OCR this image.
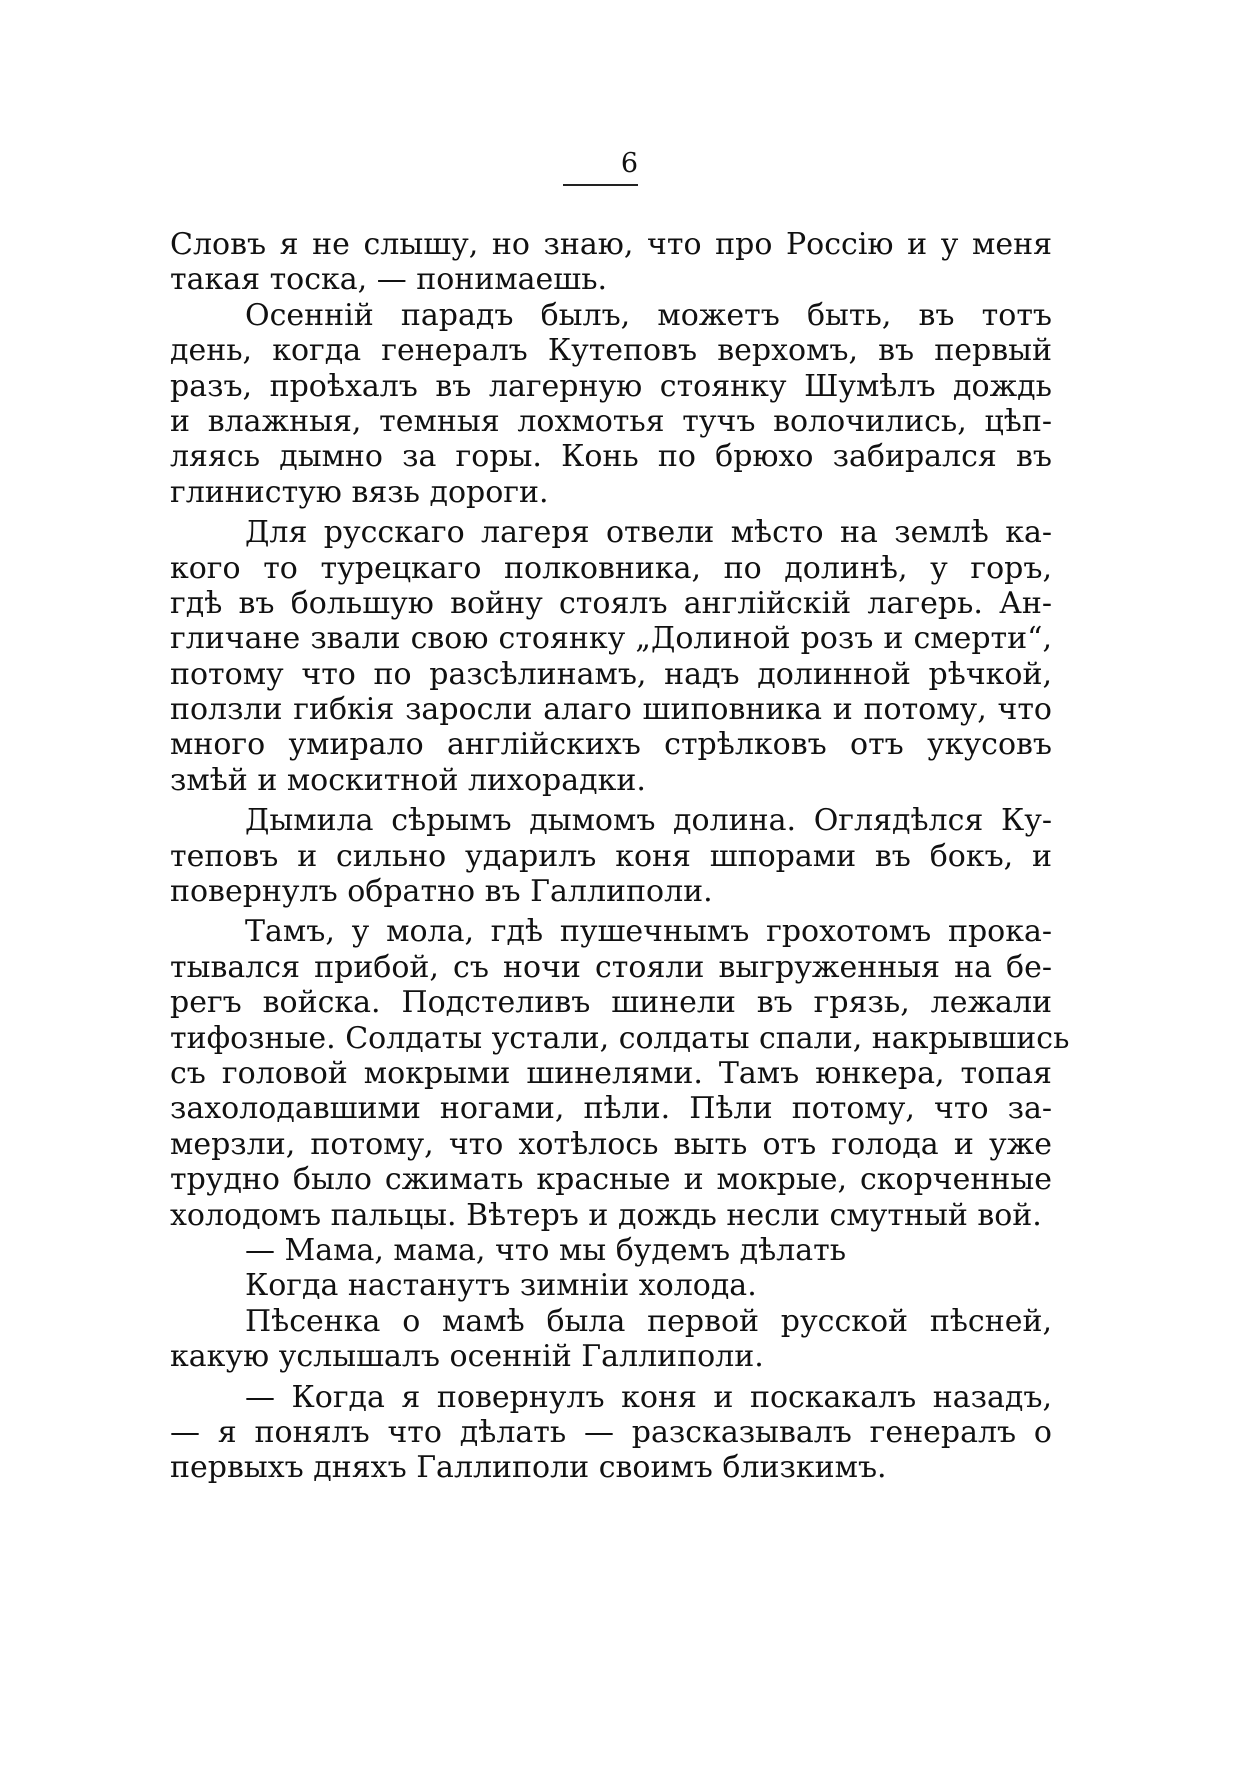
6
Словъ я не слышу, но знаю, что про Россію и у меня
такая тоска, — понимаешь.
Осенній парадъ былъ, можетъ быть, въ тотъ
день, когда генералъ Кутеповъ верхомъ, въ первый
разъ, проѣхалъ въ лагерную стоянку Шумѣлъ дождь
и влажныя, темныя лохмотья тучъ волочились, цѣп-
ляясь дымно за горы. Конь по брюхо забирался въ
глинистую вязь дороги.
Для русскаго лагеря отвели мѣсто на землѣ ка-
кого то турецкаго полковника, по долинѣ, у горъ,
гдѣ въ большую войну стоялъ англійскій лагерь. Ан-
гличане звали свою стоянку „Долиной розъ и смерти“,
потому что по разсѣлинамъ, надъ долинной рѣчкой,
ползли гибкія заросли алаго шиповника и потому, что
много умирало англійскихъ стрѣлковъ отъ укусовъ
змѣй и москитной лихорадки.
Дымила сѣрымъ дымомъ долина. Оглядѣлся Ку-
теповъ и сильно ударилъ коня шпорами въ бокъ, и
повернулъ обратно въ Галлиполи.
Тамъ, у мола, гдѣ пушечнымъ грохотомъ прока-
тывался прибой, съ ночи стояли выгруженныя на бе-
регъ войска. Подстеливъ шинели въ грязь, лежали
тифозные. Солдаты устали, солдаты спали, накрывшись
съ головой мокрыми шинелями. Тамъ юнкера, топая
захолодавшими ногами, пѣли. Пѣли потому, что за-
мерзли, потому, что хотѣлось выть отъ голода и уже
трудно было сжимать красные и мокрые, скорченные
холодомъ пальцы. Вѣтеръ и дождь несли смутный вой.
— Мама, мама, что мы будемъ дѣлать
Когда настанутъ зимніи холода.
Пѣсенка о мамѣ была первой русской пѣсней,
какую услышалъ осенній Галлиполи.
— Когда я повернулъ коня и поскакалъ назадъ,
— я понялъ что дѣлать — разсказывалъ генералъ о
первыхъ дняхъ Галлиполи своимъ близкимъ.
